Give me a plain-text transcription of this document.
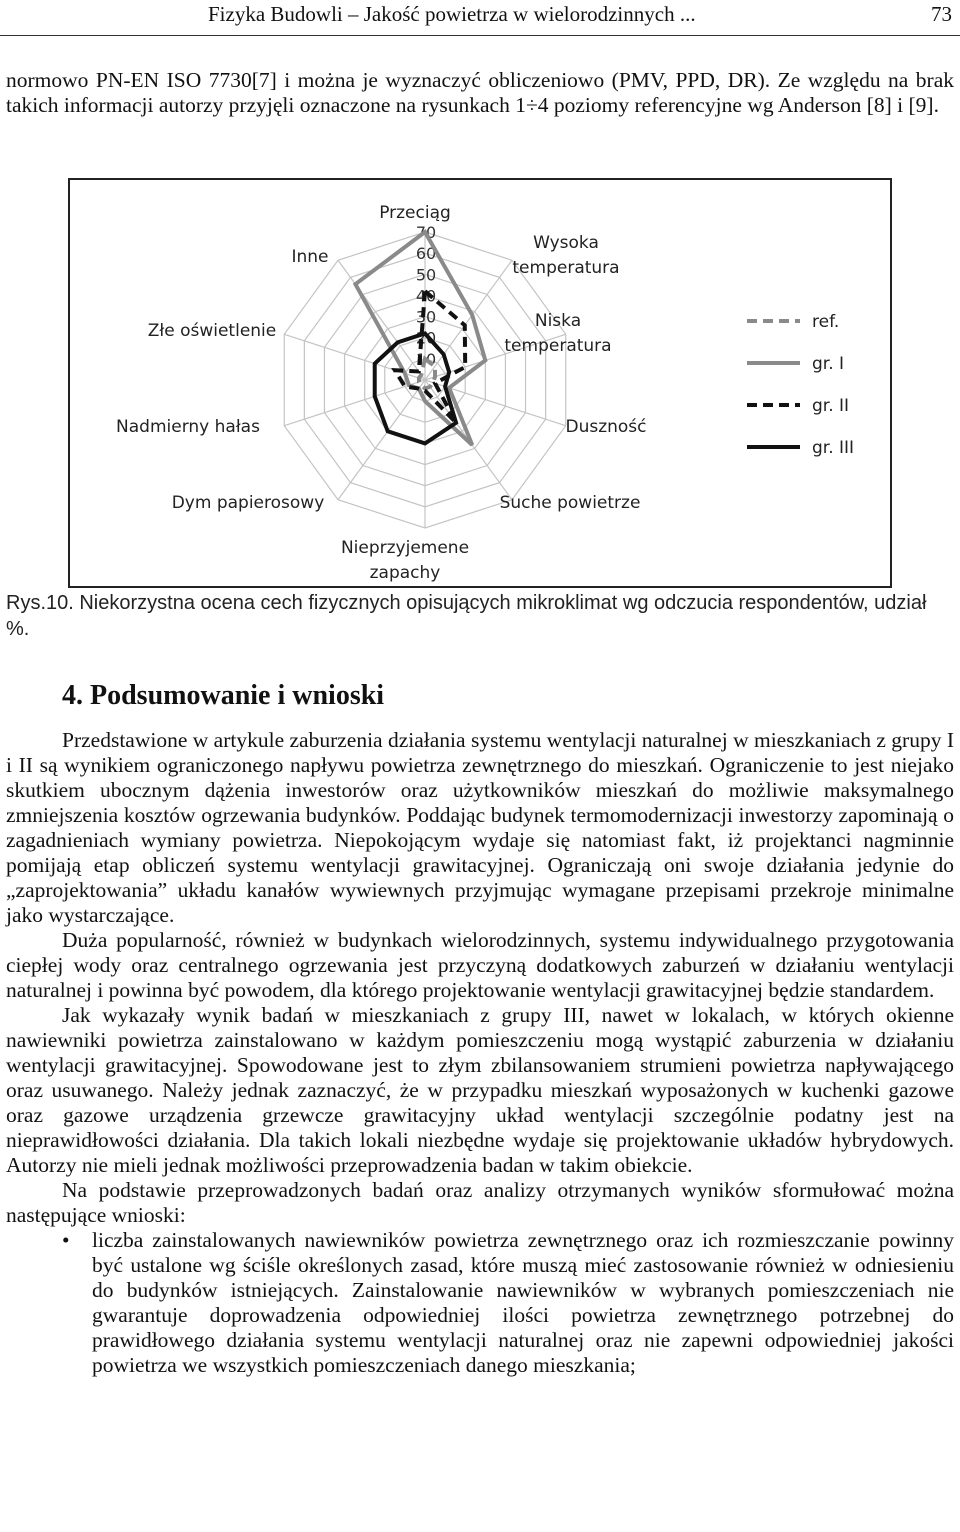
Fizyka Budowli – Jakość powietrza w wielorodzinnych ...	73

normowo PN-EN ISO 7730[7] i można je wyznaczyć obliczeniowo (PMV, PPD, DR). Ze względu na brak takich informacji autorzy przyjęli oznaczone na rysunkach 1÷4 poziomy referencyjne wg Anderson [8] i [9].

10
20
30
40
50
60
70
Przeciąg
Wysoka
temperatura
Niska
temperatura
Duszność
Suche powietrze
Nieprzyjemene
zapachy
Dym papierosowy
Nadmierny hałas
Złe oświetlenie
Inne
ref.
gr. I
gr. II
gr. III

Rys.10. Niekorzystna ocena cech fizycznych opisujących mikroklimat wg odczucia respondentów, udział %.

4. Podsumowanie i wnioski

Przedstawione w artykule zaburzenia działania systemu wentylacji naturalnej w mieszkaniach z grupy I i II są wynikiem ograniczonego napływu powietrza zewnętrznego do mieszkań. Ograniczenie to jest niejako skutkiem ubocznym dążenia inwestorów oraz użytkowników mieszkań do możliwie maksymalnego zmniejszenia kosztów ogrzewania budynków. Poddając budynek termomodernizacji inwestorzy zapominają o zagadnieniach wymiany powietrza. Niepokojącym wydaje się natomiast fakt, iż projektanci nagminnie pomijają etap obliczeń systemu wentylacji grawitacyjnej. Ograniczają oni swoje działania jedynie do „zaprojektowania” układu kanałów wywiewnych przyjmując wymagane przepisami przekroje minimalne jako wystarczające.

Duża popularność, również w budynkach wielorodzinnych, systemu indywidualnego przygotowania ciepłej wody oraz centralnego ogrzewania jest przyczyną dodatkowych zaburzeń w działaniu wentylacji naturalnej i powinna być powodem, dla którego projektowanie wentylacji grawitacyjnej będzie standardem.

Jak wykazały wynik badań w mieszkaniach z grupy III, nawet w lokalach, w których okienne nawiewniki powietrza zainstalowano w każdym pomieszczeniu mogą wystąpić zaburzenia w działaniu wentylacji grawitacyjnej. Spowodowane jest to złym zbilansowaniem strumieni powietrza napływającego oraz usuwanego. Należy jednak zaznaczyć, że w przypadku mieszkań wyposażonych w kuchenki gazowe oraz gazowe urządzenia grzewcze grawitacyjny układ wentylacji szczególnie podatny jest na nieprawidłowości działania. Dla takich lokali niezbędne wydaje się projektowanie układów hybrydowych. Autorzy nie mieli jednak możliwości przeprowadzenia badan w takim obiekcie.

Na podstawie przeprowadzonych badań oraz analizy otrzymanych wyników sformułować można następujące wnioski:

• liczba zainstalowanych nawiewników powietrza zewnętrznego oraz ich rozmieszczanie powinny być ustalone wg ściśle określonych zasad, które muszą mieć zastosowanie również w odniesieniu do budynków istniejących. Zainstalowanie nawiewników w wybranych pomieszczeniach nie gwarantuje doprowadzenia odpowiedniej ilości powietrza zewnętrznego potrzebnej do prawidłowego działania systemu wentylacji naturalnej oraz nie zapewni odpowiedniej jakości powietrza we wszystkich pomieszczeniach danego mieszkania;
